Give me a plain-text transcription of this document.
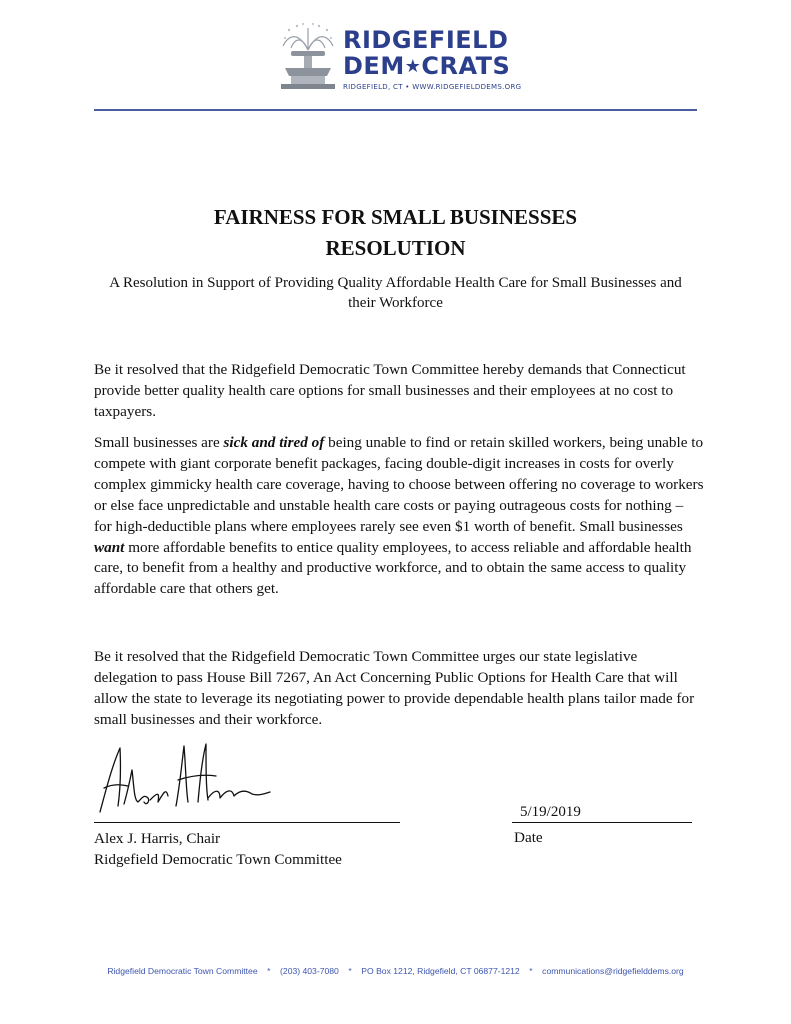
RIDGEFIELD
DEM★CRATS
RIDGEFIELD, CT • WWW.RIDGEFIELDDEMS.ORG
FAIRNESS FOR SMALL BUSINESSES
RESOLUTION
A Resolution in Support of Providing Quality Affordable Health Care for Small Businesses and their Workforce

Be it resolved that the Ridgefield Democratic Town Committee hereby demands that Connecticut provide better quality health care options for small businesses and their employees at no cost to taxpayers.

Small businesses are sick and tired of being unable to find or retain skilled workers, being unable to compete with giant corporate benefit packages, facing double-digit increases in costs for overly complex gimmicky health care coverage, having to choose between offering no coverage to workers or else face unpredictable and unstable health care costs or paying outrageous costs for nothing – for high-deductible plans where employees rarely see even $1 worth of benefit. Small businesses want more affordable benefits to entice quality employees, to access reliable and affordable health care, to benefit from a healthy and productive workforce, and to obtain the same access to quality affordable care that others get.

Be it resolved that the Ridgefield Democratic Town Committee urges our state legislative delegation to pass House Bill 7267, An Act Concerning Public Options for Health Care that will allow the state to leverage its negotiating power to provide dependable health plans tailor made for small businesses and their workforce.

5/19/2019
Alex J. Harris, Chair
Ridgefield Democratic Town Committee
Date
Ridgefield Democratic Town Committee    *    (203) 403-7080    *    PO Box 1212, Ridgefield, CT 06877-1212    *    communications@ridgefielddems.org
